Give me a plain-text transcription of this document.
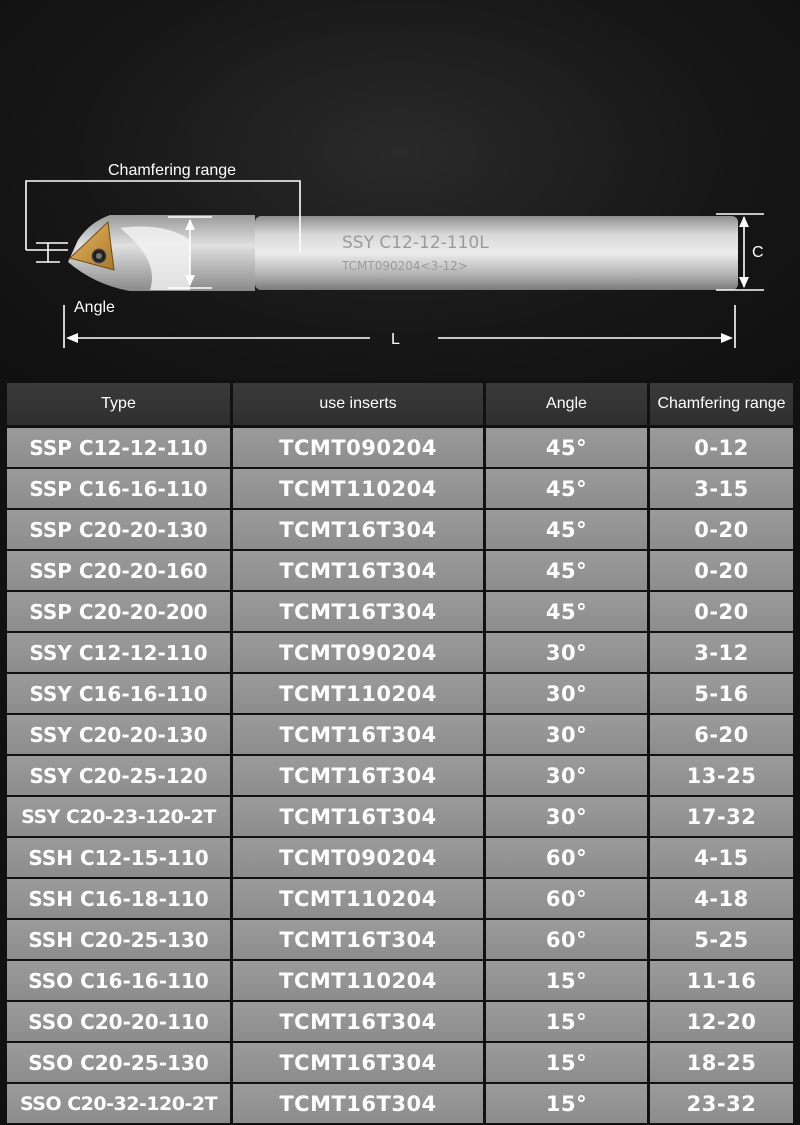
SSY C12-12-110L
TCMT090204<3-12>
Chamfering range
C
L
Angle
Type	use inserts	Angle	Chamfering range
SSP C12-12-110	TCMT090204	45°	0-12
SSP C16-16-110	TCMT110204	45°	3-15
SSP C20-20-130	TCMT16T304	45°	0-20
SSP C20-20-160	TCMT16T304	45°	0-20
SSP C20-20-200	TCMT16T304	45°	0-20
SSY C12-12-110	TCMT090204	30°	3-12
SSY C16-16-110	TCMT110204	30°	5-16
SSY C20-20-130	TCMT16T304	30°	6-20
SSY C20-25-120	TCMT16T304	30°	13-25
SSY C20-23-120-2T	TCMT16T304	30°	17-32
SSH C12-15-110	TCMT090204	60°	4-15
SSH C16-18-110	TCMT110204	60°	4-18
SSH C20-25-130	TCMT16T304	60°	5-25
SSO C16-16-110	TCMT110204	15°	11-16
SSO C20-20-110	TCMT16T304	15°	12-20
SSO C20-25-130	TCMT16T304	15°	18-25
SSO C20-32-120-2T	TCMT16T304	15°	23-32
